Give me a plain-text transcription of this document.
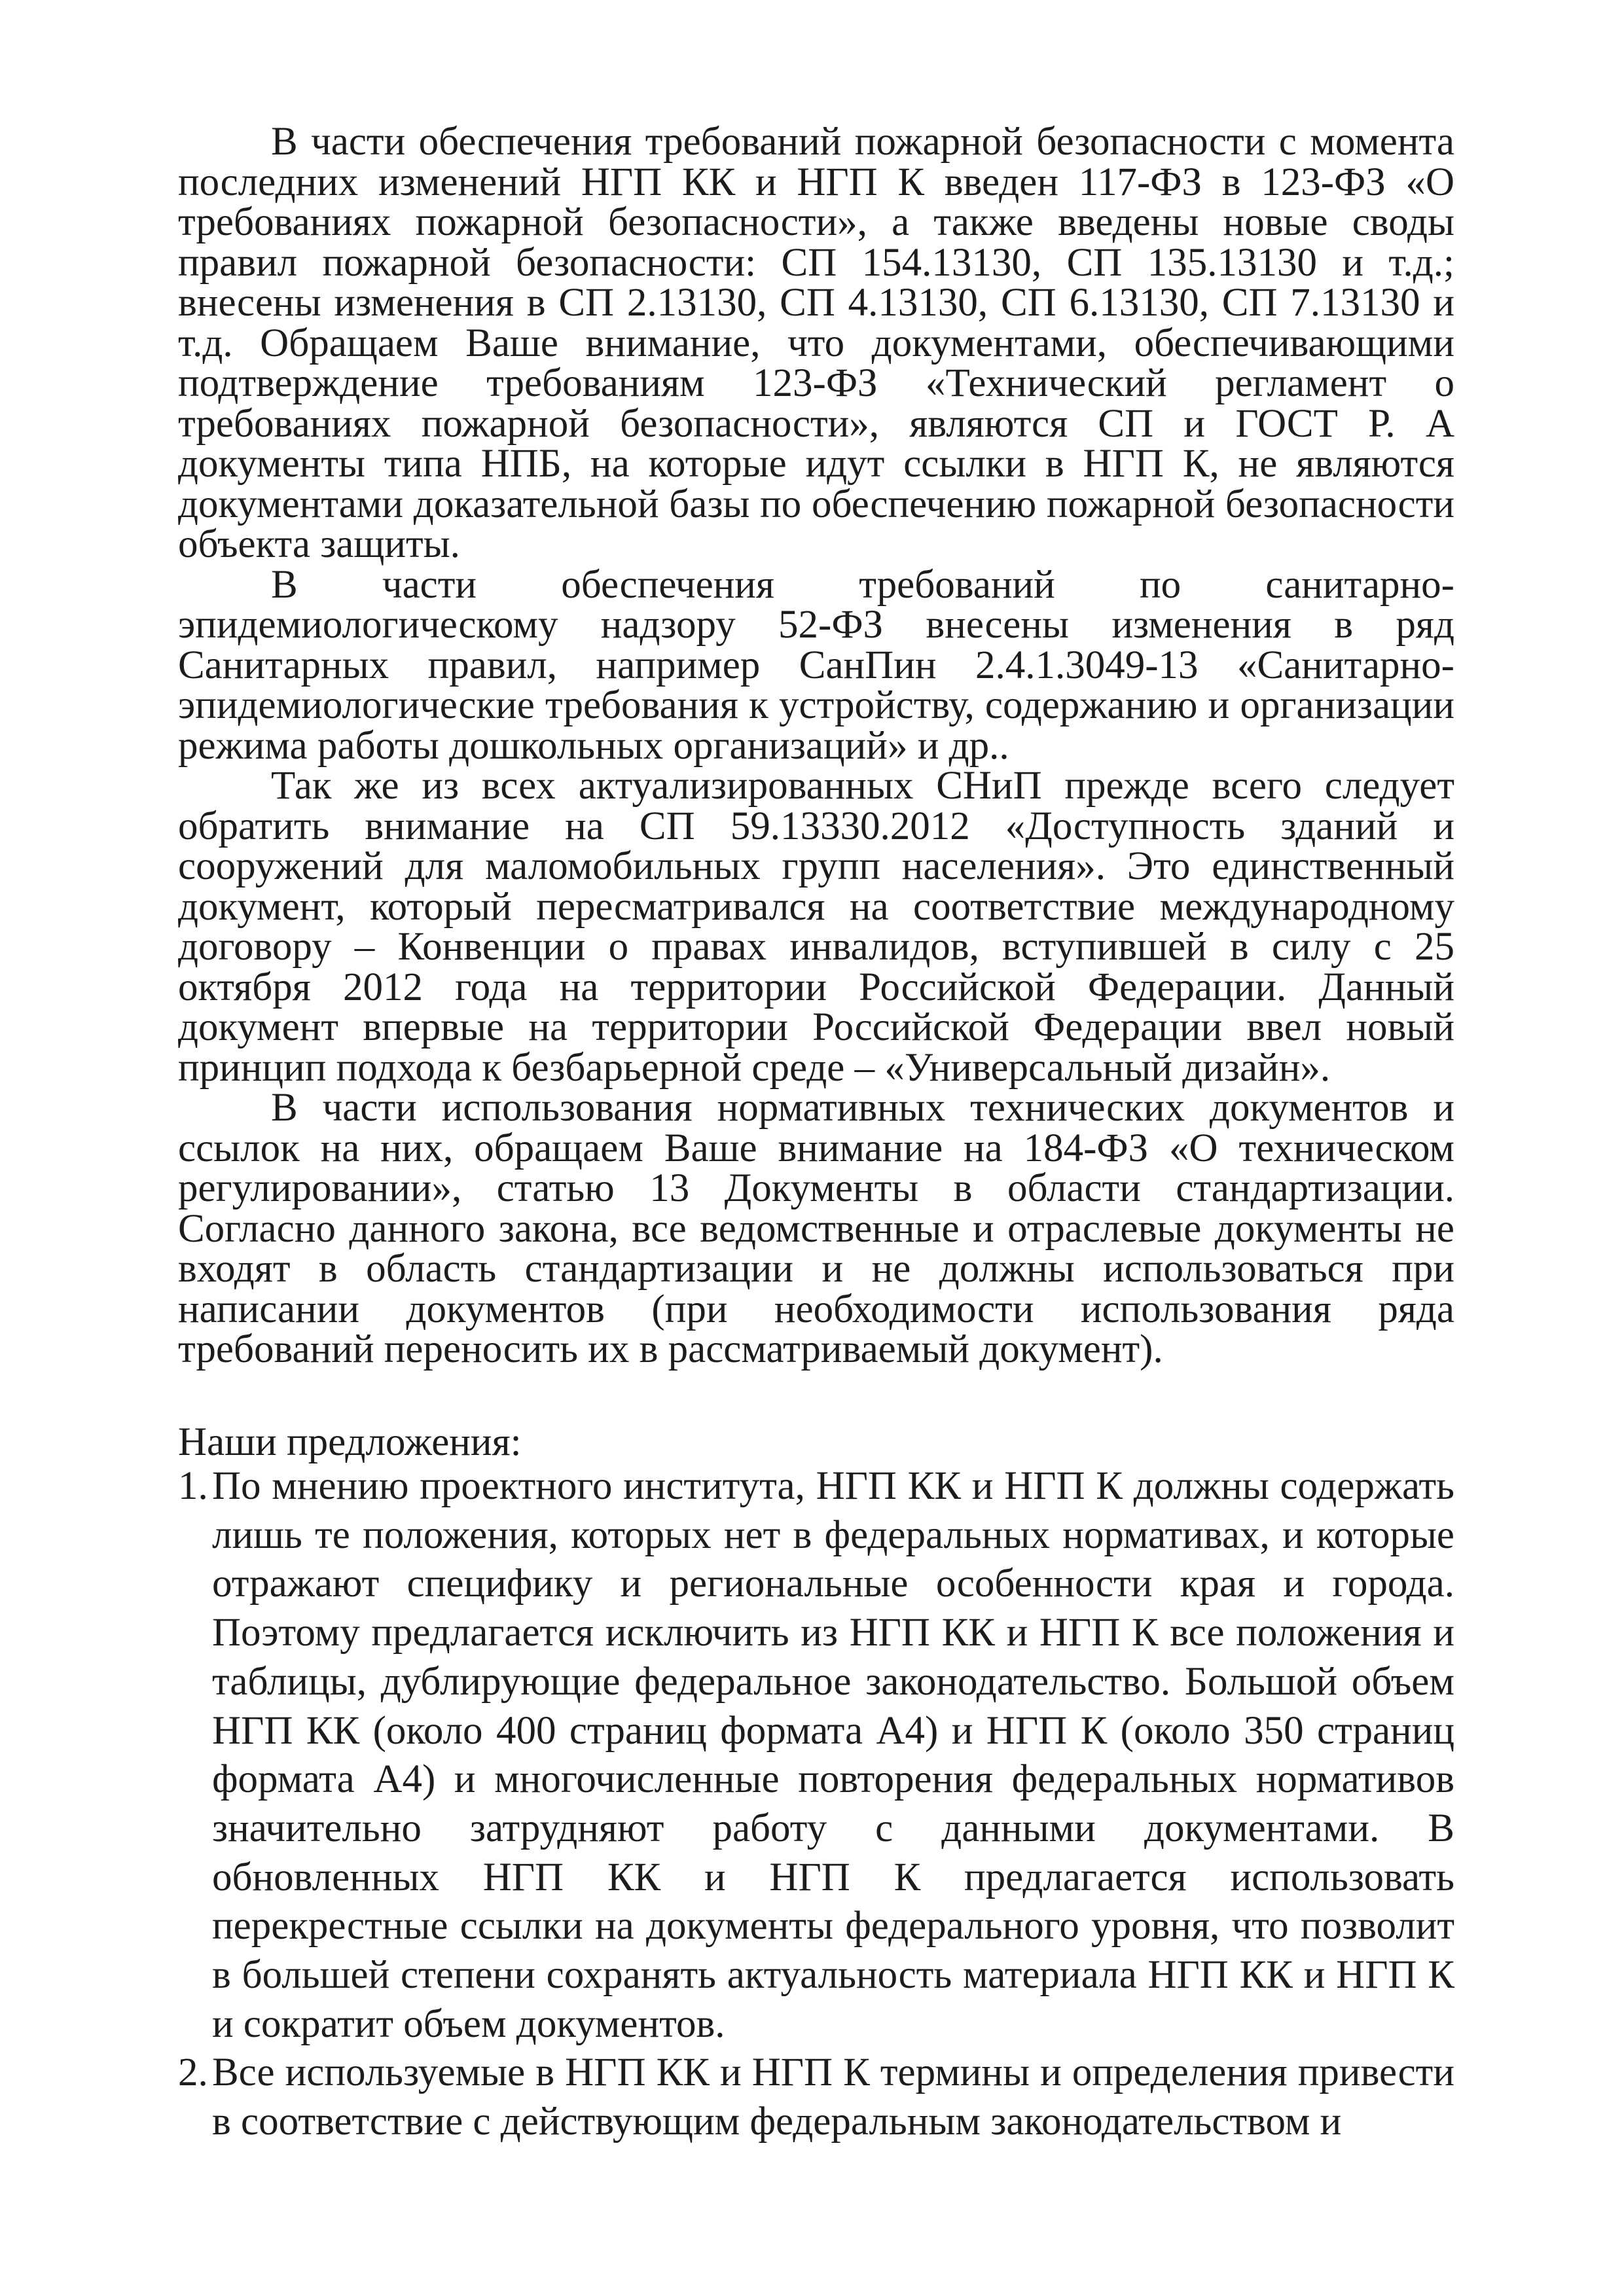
В части обеспечения требований пожарной безопасности с момента последних изменений НГП КК и НГП К введен 117-ФЗ в 123-ФЗ «О требованиях пожарной безопасности», а также введены новые своды правил пожарной безопасности: СП 154.13130, СП 135.13130 и т.д.; внесены изменения в СП 2.13130, СП 4.13130, СП 6.13130, СП 7.13130 и т.д. Обращаем Ваше внимание, что документами, обеспечивающими подтверждение требованиям 123-ФЗ «Технический регламент о требованиях пожарной безопасности», являются СП и ГОСТ Р. А документы типа НПБ, на которые идут ссылки в НГП К, не являются документами доказательной базы по обеспечению пожарной безопасности объекта защиты.

В части обеспечения требований по санитарно-эпидемиологическому надзору 52-ФЗ внесены изменения в ряд Санитарных правил, например СанПин 2.4.1.3049-13 «Санитарно-эпидемиологические требования к устройству, содержанию и организации режима работы дошкольных организаций» и др..

Так же из всех актуализированных СНиП прежде всего следует обратить внимание на СП 59.13330.2012 «Доступность зданий и сооружений для маломобильных групп населения». Это единственный документ, который пересматривался на соответствие международному договору – Конвенции о правах инвалидов, вступившей в силу с 25 октября 2012 года на территории Российской Федерации. Данный документ впервые на территории Российской Федерации ввел новый принцип подхода к безбарьерной среде – «Универсальный дизайн».

В части использования нормативных технических документов и ссылок на них, обращаем Ваше внимание на 184-ФЗ «О техническом регулировании», статью 13 Документы в области стандартизации. Согласно данного закона, все ведомственные и отраслевые документы не входят в область стандартизации и не должны использоваться при написании документов (при необходимости использования ряда требований переносить их в рассматриваемый документ).

Наши предложения:

1. По мнению проектного института, НГП КК и НГП К должны содержать лишь те положения, которых нет в федеральных нормативах, и которые отражают специфику и региональные особенности края и города. Поэтому предлагается исключить из НГП КК и НГП К все положения и таблицы, дублирующие федеральное законодательство. Большой объем НГП КК (около 400 страниц формата А4) и НГП К (около 350 страниц формата А4) и многочисленные повторения федеральных нормативов значительно затрудняют работу с данными документами. В обновленных НГП КК и НГП К предлагается использовать перекрестные ссылки на документы федерального уровня, что позволит в большей степени сохранять актуальность материала НГП КК и НГП К и сократит объем документов.
2. Все используемые в НГП КК и НГП К термины и определения привести в соответствие с действующим федеральным законодательством и
